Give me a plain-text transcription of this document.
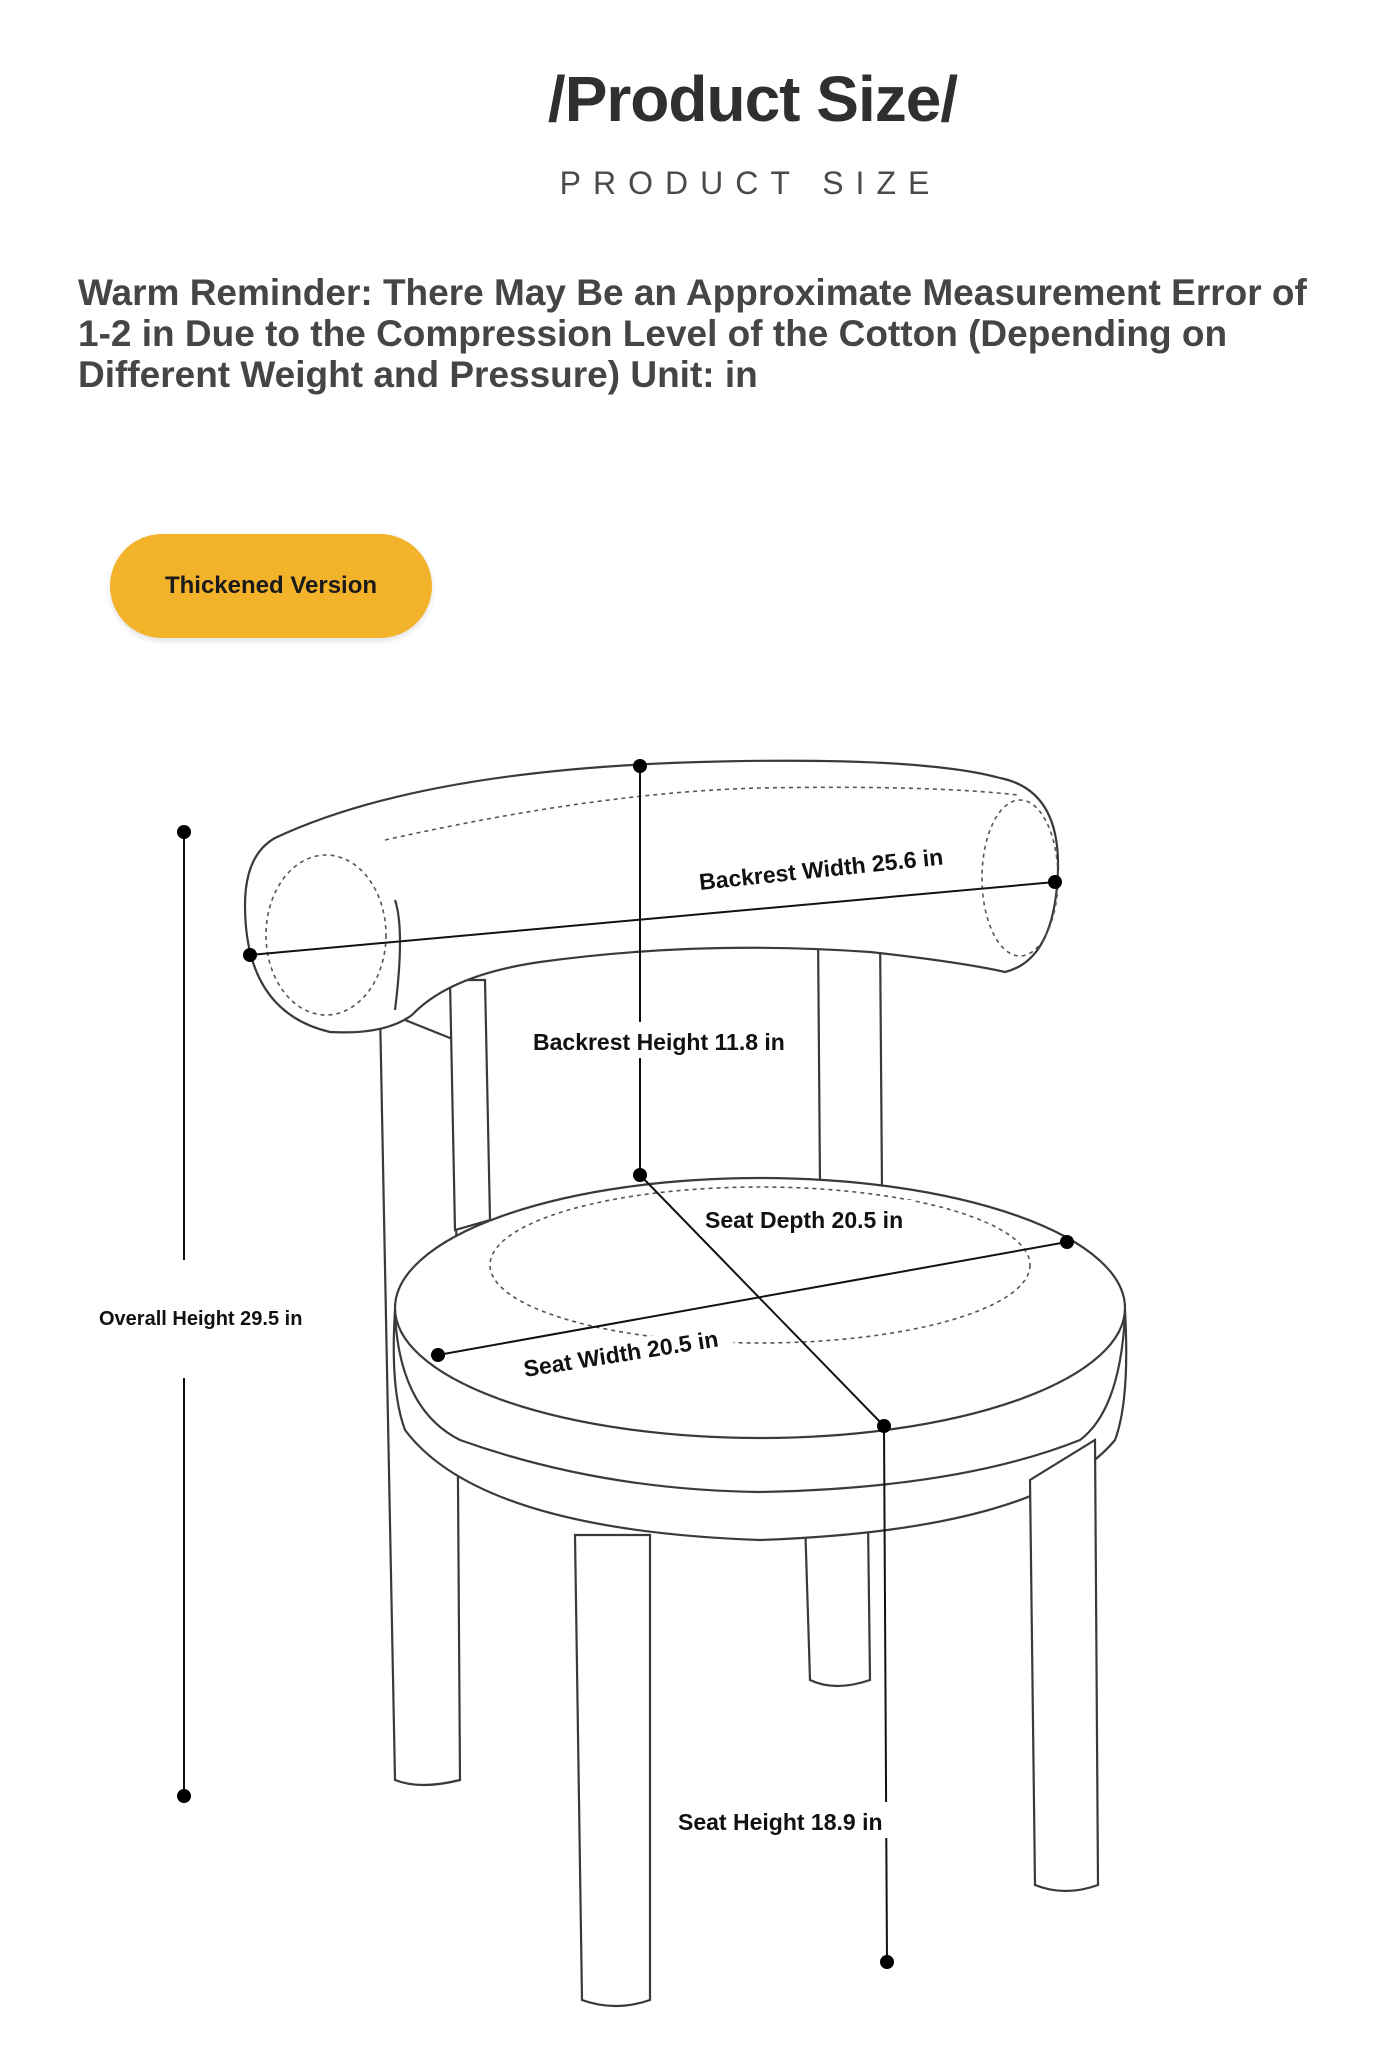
/Product Size/
PRODUCT SIZE
Warm Reminder: There May Be an Approximate Measurement Error of 1-2 in Due to the Compression Level of the Cotton (Depending on Different Weight and Pressure) Unit: in
Thickened Version
Backrest Width 25.6 in
Backrest Height 11.8 in
Seat Depth 20.5 in
Seat Width 20.5 in
Overall Height 29.5 in
Seat Height 18.9 in
